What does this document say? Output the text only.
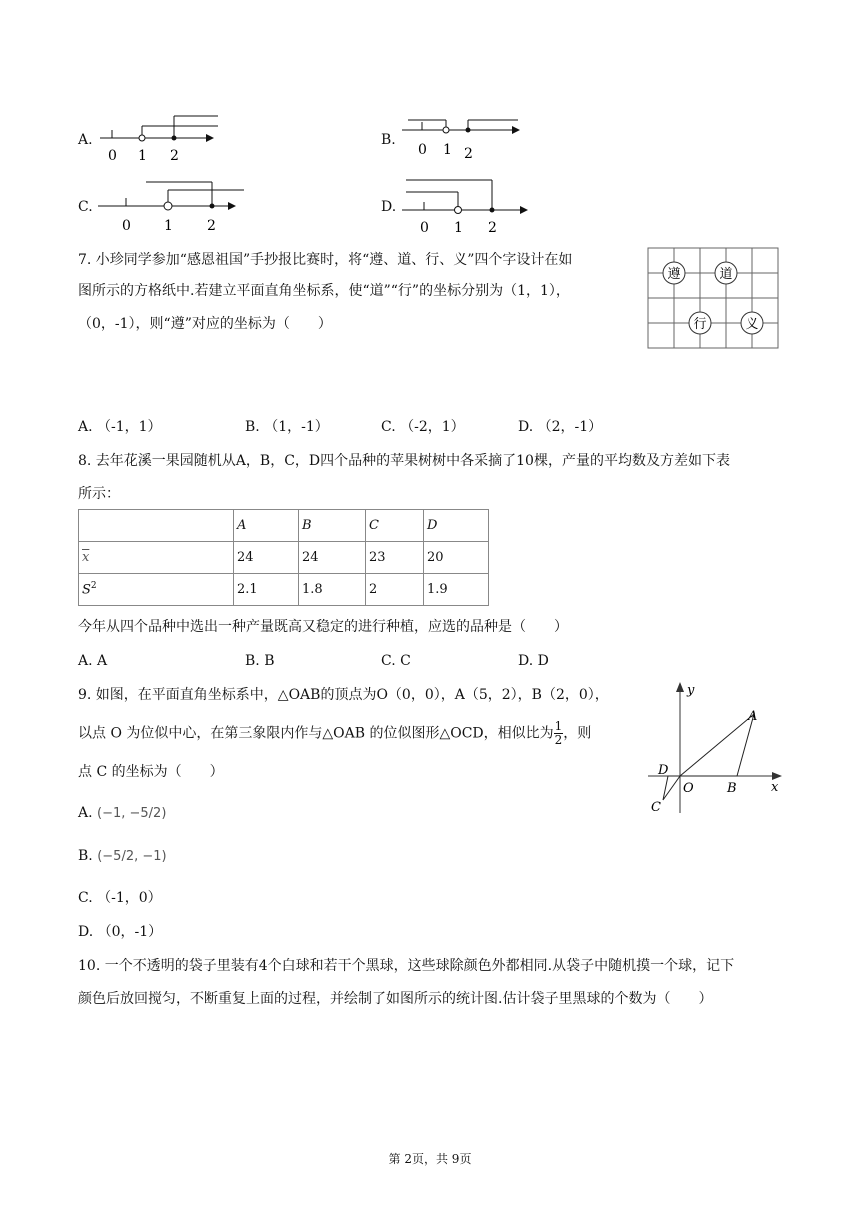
A.
0 1 2
B.
0 1 2
C.
0 1 2
D.
0 1 2
7. 小珍同学参加“感恩祖国”手抄报比赛时，将“遵、道、行、义”四个字设计在如
图所示的方格纸中.若建立平面直角坐标系，使“道”“行”的坐标分别为（1，1），
（0，-1），则“遵”对应的坐标为（　　）
遵	道
行	义
A. （-1，1）	B. （1，-1）	C. （-2，1）	D. （2，-1）
8. 去年花溪一果园随机从A，B，C，D四个品种的苹果树树中各采摘了10棵，产量的平均数及方差如下表
所示：
	A	B	C	D
$\overline{x}$	24	24	23	20
$S^2$	2.1	1.8	2	1.9
今年从四个品种中选出一种产量既高又稳定的进行种植，应选的品种是（　　）
A. A	B. B	C. C	D. D
9. 如图，在平面直角坐标系中，△OAB的顶点为O（0，0），A（5，2），B（2，0），
以点 O 为位似中心，在第三象限内作与△OAB 的位似图形△OCD，相似比为 $\frac{1}{2}$ ，则
点 C 的坐标为（　　）
y
x
A
B
O
C
D
A. (−1, −5/2)
B. (−5/2, −1)
C. （-1，0）
D. （0，-1）
10. 一个不透明的袋子里装有4个白球和若干个黑球，这些球除颜色外都相同.从袋子中随机摸一个球，记下
颜色后放回搅匀，不断重复上面的过程，并绘制了如图所示的统计图.估计袋子里黑球的个数为（　　）
第 2页，共 9页
